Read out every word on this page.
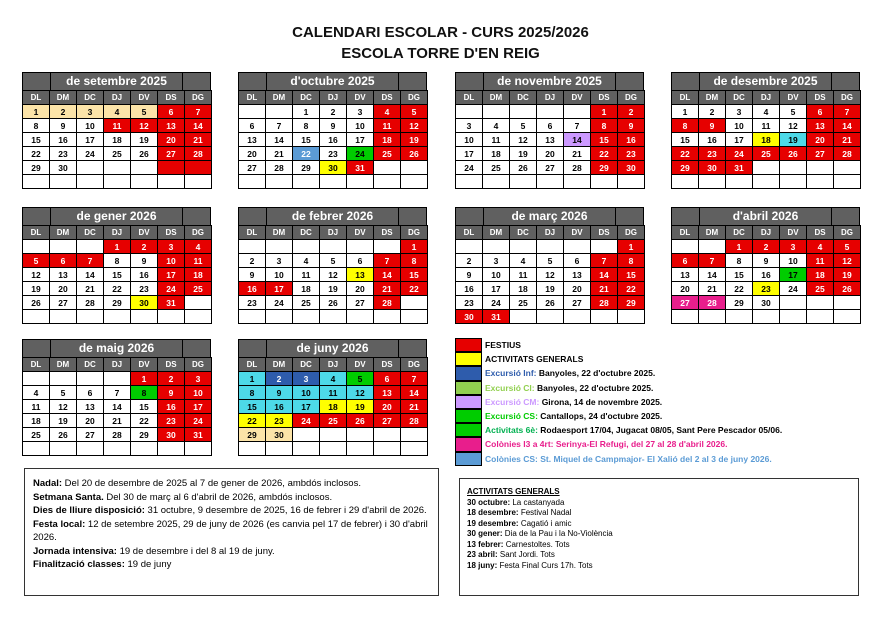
CALENDARI ESCOLAR - CURS 2025/2026
ESCOLA TORRE D'EN REIG
de setembre 2025
DL	DM	DC	DJ	DV	DS	DG
1	2	3	4	5	6	7
8	9	10	11	12	13	14
15	16	17	18	19	20	21
22	23	24	25	26	27	28
29	30					

d'octubre 2025
DL	DM	DC	DJ	DV	DS	DG
		1	2	3	4	5
6	7	8	9	10	11	12
13	14	15	16	17	18	19
20	21	22	23	24	25	26
27	28	29	30	31		

de novembre 2025
DL	DM	DC	DJ	DV	DS	DG
					1	2
3	4	5	6	7	8	9
10	11	12	13	14	15	16
17	18	19	20	21	22	23
24	25	26	27	28	29	30

de desembre 2025
DL	DM	DC	DJ	DV	DS	DG
1	2	3	4	5	6	7
8	9	10	11	12	13	14
15	16	17	18	19	20	21
22	23	24	25	26	27	28
29	30	31				

de gener 2026
DL	DM	DC	DJ	DV	DS	DG
			1	2	3	4
5	6	7	8	9	10	11
12	13	14	15	16	17	18
19	20	21	22	23	24	25
26	27	28	29	30	31	

de febrer 2026
DL	DM	DC	DJ	DV	DS	DG
						1
2	3	4	5	6	7	8
9	10	11	12	13	14	15
16	17	18	19	20	21	22
23	24	25	26	27	28	

de març 2026
DL	DM	DC	DJ	DV	DS	DG
						1
2	3	4	5	6	7	8
9	10	11	12	13	14	15
16	17	18	19	20	21	22
23	24	25	26	27	28	29
30	31					
d'abril 2026
DL	DM	DC	DJ	DV	DS	DG
		1	2	3	4	5
6	7	8	9	10	11	12
13	14	15	16	17	18	19
20	21	22	23	24	25	26
27	28	29	30			

de maig 2026
DL	DM	DC	DJ	DV	DS	DG
				1	2	3
4	5	6	7	8	9	10
11	12	13	14	15	16	17
18	19	20	21	22	23	24
25	26	27	28	29	30	31

de juny 2026
DL	DM	DC	DJ	DV	DS	DG
1	2	3	4	5	6	7
8	9	10	11	12	13	14
15	16	17	18	19	20	21
22	23	24	25	26	27	28
29	30					

FESTIUS
ACTIVITATS GENERALS
Excursió Inf: Banyoles, 22 d'octubre 2025.
Excursió CI: Banyoles, 22 d'octubre 2025.
Excursió CM: Girona, 14 de novembre 2025.
Excursió CS: Cantallops, 24 d'octubre 2025.
Activitats 6è: Rodaesport 17/04, Jugacat 08/05, Sant Pere Pescador 05/06.
Colònies I3 a 4rt: Serinya-El Refugi, del 27 al 28 d'abril 2026.
Colònies CS: St. Miquel de Campmajor- El Xalió del 2 al 3 de juny 2026.

Nadal: Del 20 de desembre de 2025 al 7 de gener de 2026, ambdós inclosos.

Setmana Santa. Del 30 de març al 6 d'abril de 2026, ambdós inclosos.

Dies de lliure disposició: 31 octubre, 9 desembre de 2025, 16 de febrer i 29 d'abril de 2026.

Festa local: 12 de setembre 2025, 29 de juny de 2026 (es canvia pel 17 de febrer) i 30 d'abril 2026.

Jornada intensiva: 19 de desembre i del 8 al 19 de juny.

Finalització classes: 19 de juny

ACTIVITATS GENERALS
30 octubre: La castanyada
18 desembre: Festival Nadal
19 desembre: Cagatió i amic
30 gener: Dia de la Pau i la No-Violència
13 febrer: Carnestoltes. Tots
23 abril: Sant Jordi. Tots
18 juny: Festa Final Curs 17h. Tots
